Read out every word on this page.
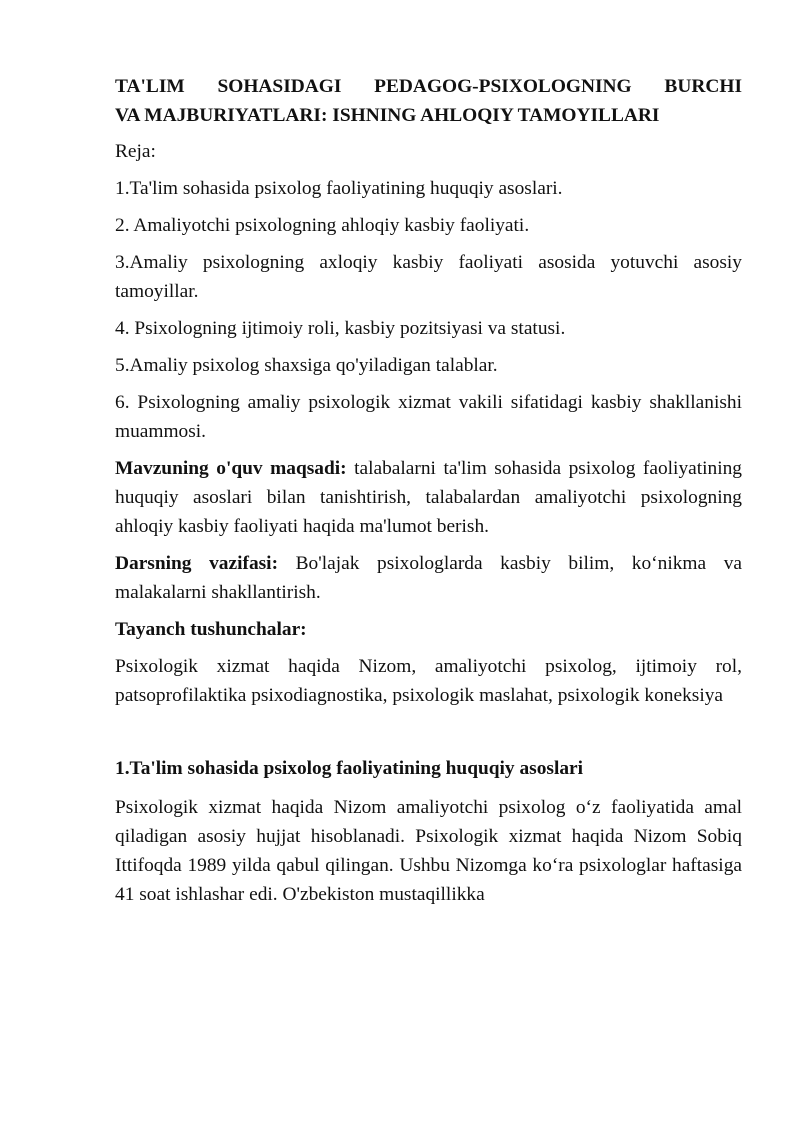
TA'LIM SOHASIDAGI PEDAGOG-PSIXOLOGNING BURCHI
VA MAJBURIYATLARI: ISHNING AHLOQIY TAMOYILLARI

Reja:

1.Ta'lim sohasida psixolog faoliyatining huquqiy asoslari.

2. Amaliyotchi psixologning ahloqiy kasbiy faoliyati.

3.Amaliy psixologning axloqiy kasbiy faoliyati asosida yotuvchi asosiy tamoyillar.

4. Psixologning ijtimoiy roli, kasbiy pozitsiyasi va statusi.

5.Amaliy psixolog shaxsiga qo'yiladigan talablar.

6. Psixologning amaliy psixologik xizmat vakili sifatidagi kasbiy shakllanishi muammosi.

Mavzuning o'quv maqsadi: talabalarni ta'lim sohasida psixolog faoliyatining huquqiy asoslari bilan tanishtirish, talabalardan amaliyotchi psixologning ahloqiy kasbiy faoliyati haqida ma'lumot berish.

Darsning vazifasi: Bo'lajak psixologlarda kasbiy bilim, ko‘nikma va malakalarni shakllantirish.

Tayanch tushunchalar:

Psixologik xizmat haqida Nizom, amaliyotchi psixolog, ijtimoiy rol, patsoprofilaktika psixodiagnostika, psixologik maslahat, psixologik koneksiya

1.Ta'lim sohasida psixolog faoliyatining huquqiy asoslari

Psixologik xizmat haqida Nizom amaliyotchi psixolog o‘z faoliyatida amal qiladigan asosiy hujjat hisoblanadi. Psixologik xizmat haqida Nizom Sobiq Ittifoqda 1989 yilda qabul qilingan. Ushbu Nizomga ko‘ra psixologlar haftasiga 41 soat ishlashar edi. O'zbekiston mustaqillikka
